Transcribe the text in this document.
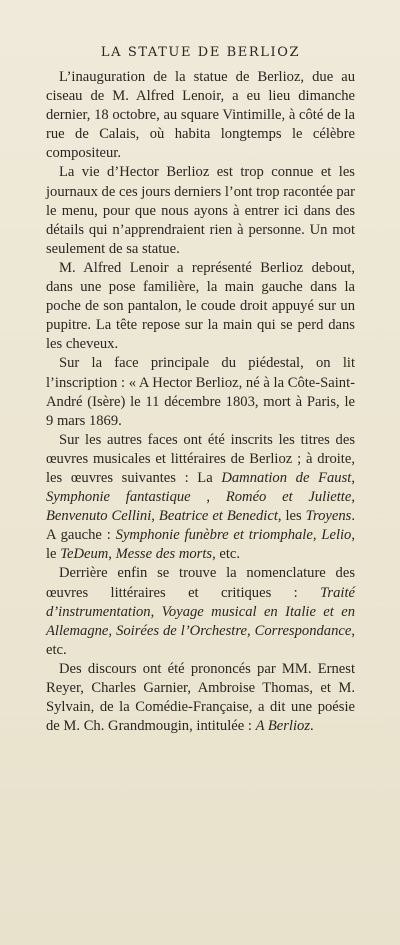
LA STATUE DE BERLIOZ

L’inauguration de la statue de Berlioz, due au ciseau de M. Alfred Lenoir, a eu lieu dimanche dernier, 18 octobre, au square Vintimille, à côté de la rue de Calais, où habita longtemps le célèbre compositeur.

La vie d’Hector Berlioz est trop connue et les journaux de ces jours derniers l’ont trop racontée par le menu, pour que nous ayons à entrer ici dans des détails qui n’apprendraient rien à personne. Un mot seulement de sa statue.

M. Alfred Lenoir a représenté Berlioz debout, dans une pose familière, la main gauche dans la poche de son pantalon, le coude droit appuyé sur un pupitre. La tête repose sur la main qui se perd dans les cheveux.

Sur la face principale du piédestal, on lit l’inscription : « A Hector Berlioz, né à la Côte-Saint-André (Isère) le 11 décembre 1803, mort à Paris, le 9 mars 1869.

Sur les autres faces ont été inscrits les titres des œuvres musicales et littéraires de Berlioz ; à droite, les œuvres suivantes : La Damnation de Faust, Symphonie fantastique , Roméo et Juliette, Benvenuto Cellini, Beatrice et Benedict, les Troyens. A gauche : Symphonie funèbre et triomphale, Lelio, le TeDeum, Messe des morts, etc.

Derrière enfin se trouve la nomenclature des œuvres littéraires et critiques : Traité d’instrumentation, Voyage musical en Italie et en Allemagne, Soirées de l’Orchestre, Correspondance, etc.

Des discours ont été prononcés par MM. Ernest Reyer, Charles Garnier, Ambroise Thomas, et M. Sylvain, de la Comédie-Française, a dit une poésie de M. Ch. Grandmougin, intitulée : A Berlioz.
